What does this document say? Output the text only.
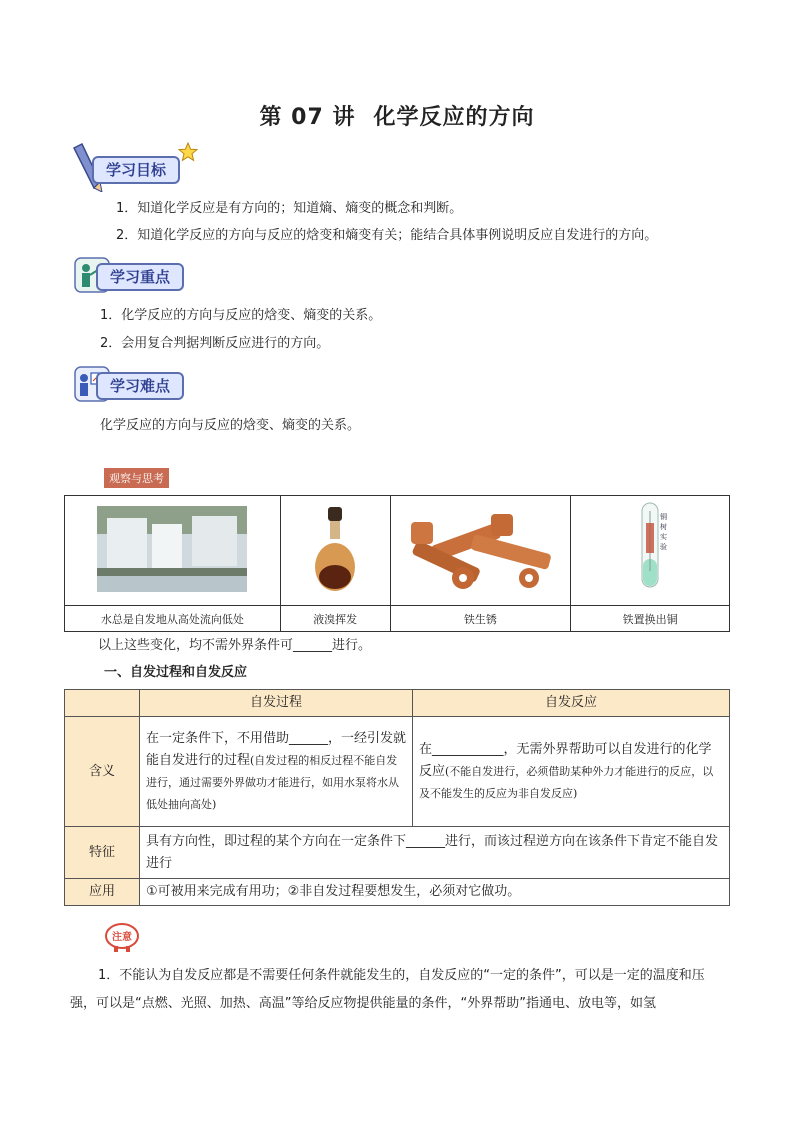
第 07 讲 化学反应的方向
学习目标
1．知道化学反应是有方向的；知道熵、熵变的概念和判断。
2．知道化学反应的方向与反应的焓变和熵变有关；能结合具体事例说明反应自发进行的方向。
学习重点
1．化学反应的方向与反应的焓变、熵变的关系。
2．会用复合判据判断反应进行的方向。
学习难点
化学反应的方向与反应的焓变、熵变的关系。
观察与思考

铜
树
实
验

水总是自发地从高处流向低处	液溴挥发	铁生锈	铁置换出铜
以上这些变化，均不需外界条件可______进行。
一、自发过程和自发反应
	自发过程	自发反应
含义	在一定条件下，不用借助______，一经引发就能自发进行的过程(自发过程的相反过程不能自发进行，通过需要外界做功才能进行，如用水泵将水从低处抽向高处)	在___________，无需外界帮助可以自发进行的化学反应(不能自发进行，必须借助某种外力才能进行的反应，以及不能发生的反应为非自发反应)
特征	具有方向性，即过程的某个方向在一定条件下______进行，而该过程逆方向在该条件下肯定不能自发进行	
应用	①可被用来完成有用功；②非自发过程要想发生，必须对它做功。	
注意
1．不能认为自发反应都是不需要任何条件就能发生的，自发反应的“一定的条件”，可以是一定的温度和压强，可以是“点燃、光照、加热、高温”等给反应物提供能量的条件，“外界帮助”指通电、放电等，如氢
